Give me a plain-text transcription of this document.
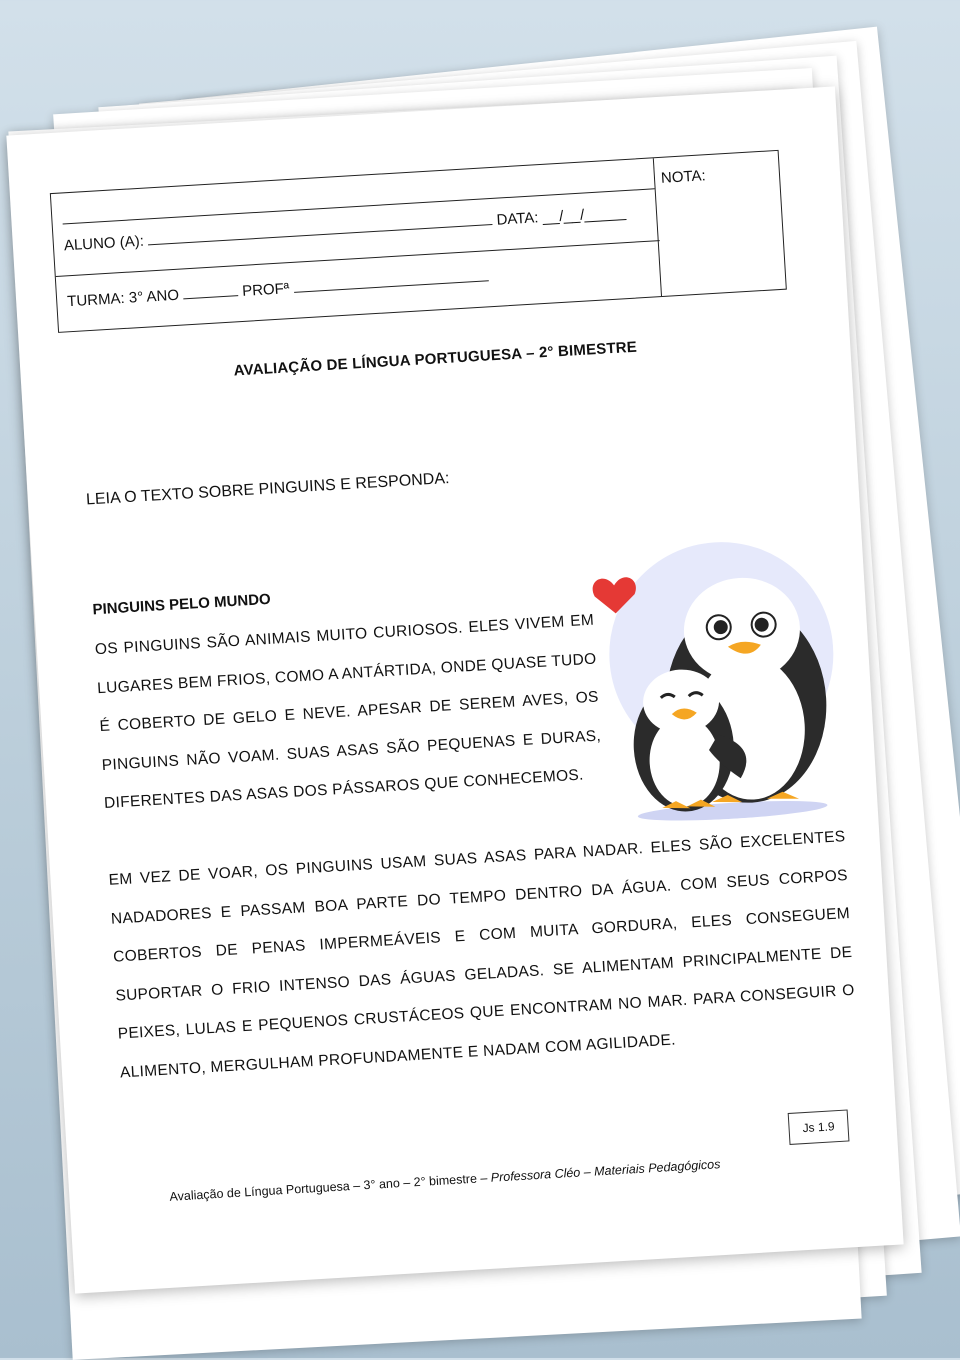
ALUNO (A):  DATA: __/__/_____
TURMA: 3° ANO	PROFª
NOTA:
AVALIAÇÃO DE LÍNGUA PORTUGUESA – 2° BIMESTRE
LEIA O TEXTO SOBRE PINGUINS E RESPONDA:
PINGUINS PELO MUNDO

OS PINGUINS SÃO ANIMAIS MUITO CURIOSOS. ELES VIVEM EM LUGARES BEM FRIOS, COMO A ANTÁRTIDA, ONDE QUASE TUDO É COBERTO DE GELO E NEVE. APESAR DE SEREM AVES, OS PINGUINS NÃO VOAM. SUAS ASAS SÃO PEQUENAS E DURAS, DIFERENTES DAS ASAS DOS PÁSSAROS QUE CONHECEMOS.

EM VEZ DE VOAR, OS PINGUINS USAM SUAS ASAS PARA NADAR. ELES SÃO EXCELENTES NADADORES E PASSAM BOA PARTE DO TEMPO DENTRO DA ÁGUA. COM SEUS CORPOS COBERTOS DE PENAS IMPERMEÁVEIS E COM MUITA GORDURA, ELES CONSEGUEM SUPORTAR O FRIO INTENSO DAS ÁGUAS GELADAS. SE ALIMENTAM PRINCIPALMENTE DE PEIXES, LULAS E PEQUENOS CRUSTÁCEOS QUE ENCONTRAM NO MAR. PARA CONSEGUIR O ALIMENTO, MERGULHAM PROFUNDAMENTE E NADAM COM AGILIDADE.

Js 1.9
Avaliação de Língua Portuguesa – 3° ano – 2° bimestre – Professora Cléo – Materiais Pedagógicos
